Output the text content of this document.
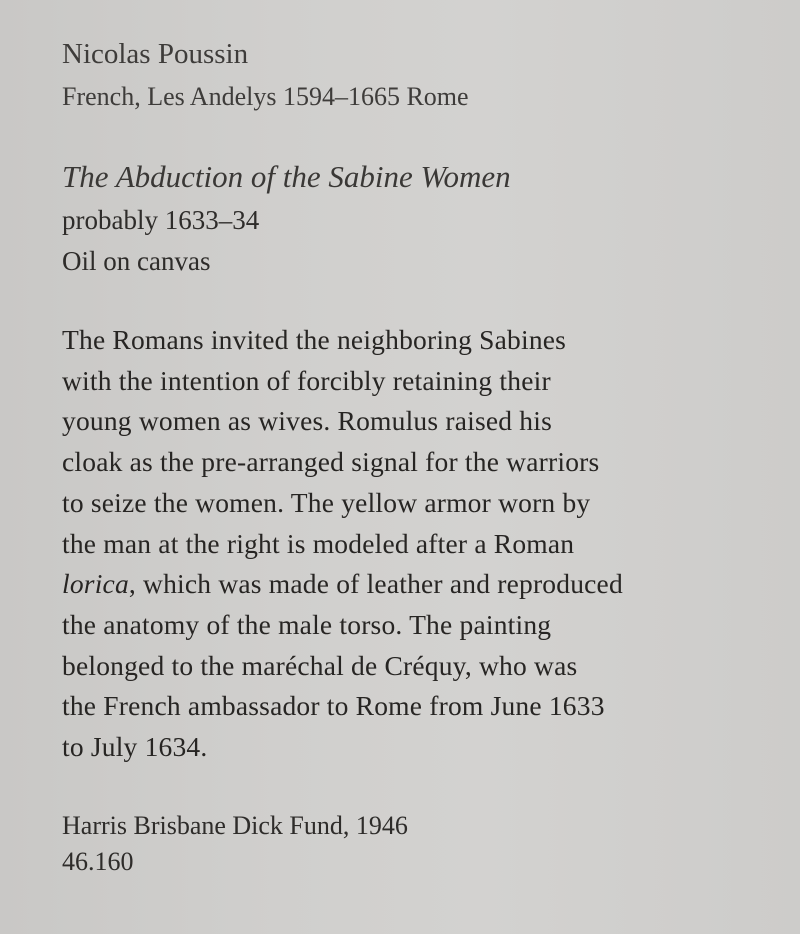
Nicolas Poussin
French, Les Andelys 1594–1665 Rome
The Abduction of the Sabine Women
probably 1633–34
Oil on canvas
The Romans invited the neighboring Sabines
with the intention of forcibly retaining their
young women as wives. Romulus raised his
cloak as the pre-arranged signal for the warriors
to seize the women. The yellow armor worn by
the man at the right is modeled after a Roman
lorica, which was made of leather and reproduced
the anatomy of the male torso. The painting
belonged to the maréchal de Créquy, who was
the French ambassador to Rome from June 1633
to July 1634.
Harris Brisbane Dick Fund, 1946
46.160
